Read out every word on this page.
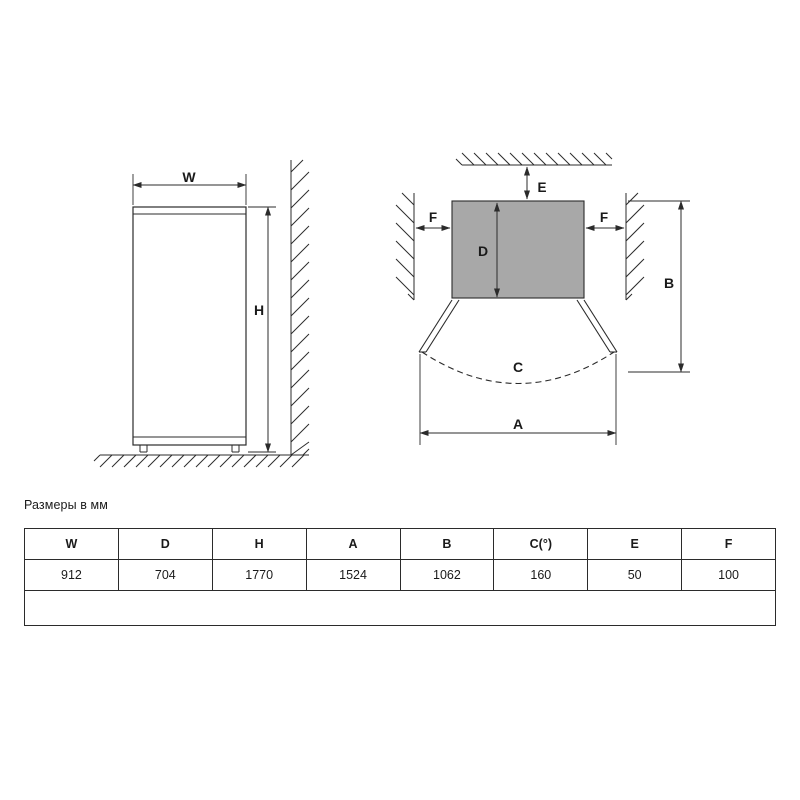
W
H
E
F	F
D
B
C
A
Размеры в мм
W	D	H	A	B	C(°)	E	F
912	704	1770	1524	1062	160	50	100
